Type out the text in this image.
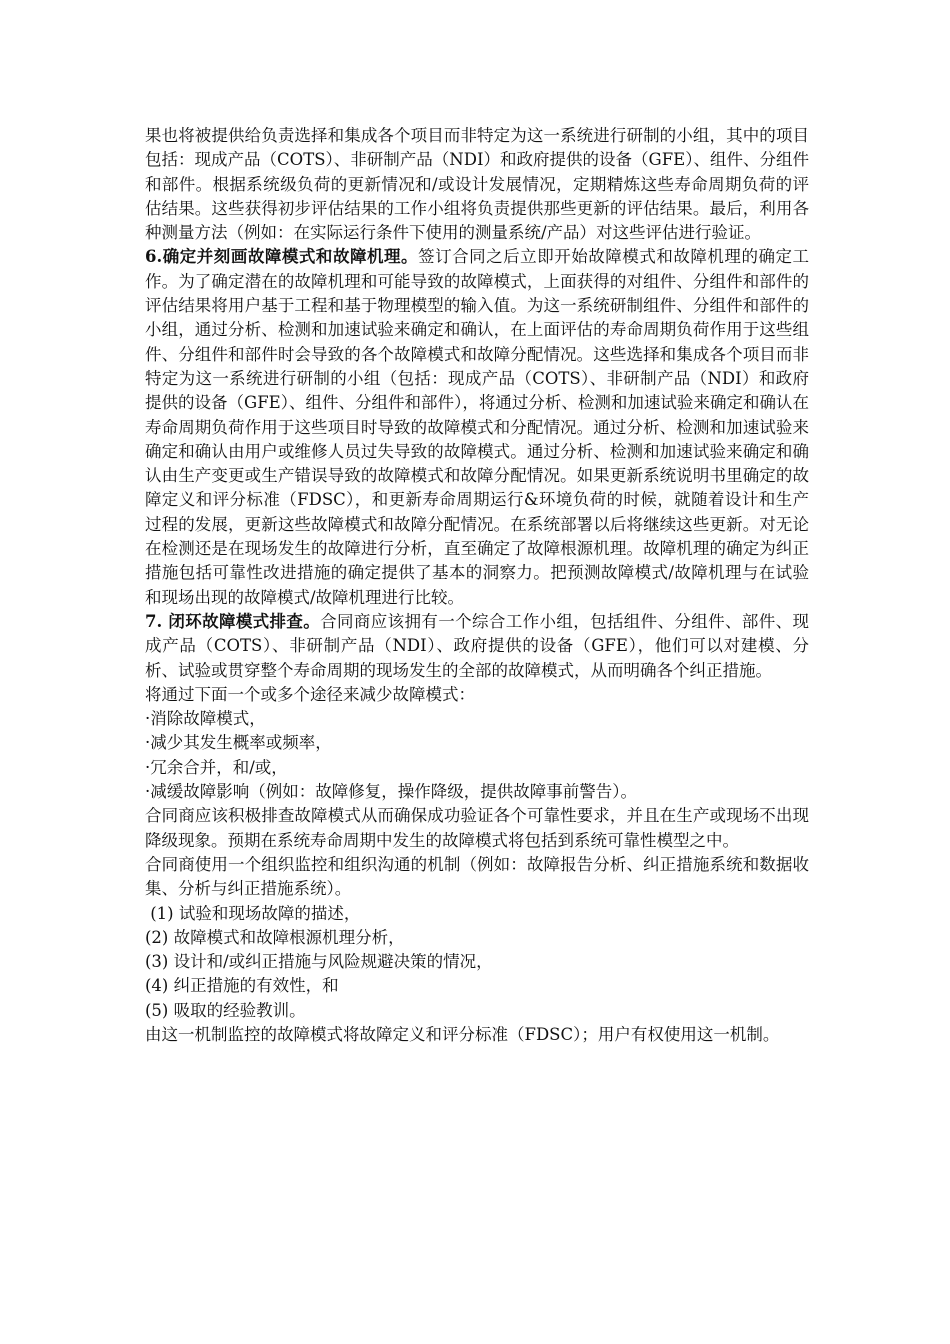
果也将被提供给负责选择和集成各个项目而非特定为这一系统进行研制的小组，其中的项目包括：现成产品（COTS）、非研制产品（NDI）和政府提供的设备（GFE）、组件、分组件和部件。根据系统级负荷的更新情况和/或设计发展情况，定期精炼这些寿命周期负荷的评估结果。这些获得初步评估结果的工作小组将负责提供那些更新的评估结果。最后，利用各种测量方法（例如：在实际运行条件下使用的测量系统/产品）对这些评估进行验证。

6.确定并刻画故障模式和故障机理。签订合同之后立即开始故障模式和故障机理的确定工作。为了确定潜在的故障机理和可能导致的故障模式，上面获得的对组件、分组件和部件的评估结果将用户基于工程和基于物理模型的输入值。为这一系统研制组件、分组件和部件的小组，通过分析、检测和加速试验来确定和确认，在上面评估的寿命周期负荷作用于这些组件、分组件和部件时会导致的各个故障模式和故障分配情况。这些选择和集成各个项目而非特定为这一系统进行研制的小组（包括：现成产品（COTS）、非研制产品（NDI）和政府提供的设备（GFE）、组件、分组件和部件），将通过分析、检测和加速试验来确定和确认在寿命周期负荷作用于这些项目时导致的故障模式和分配情况。通过分析、检测和加速试验来确定和确认由用户或维修人员过失导致的故障模式。通过分析、检测和加速试验来确定和确认由生产变更或生产错误导致的故障模式和故障分配情况。如果更新系统说明书里确定的故障定义和评分标准（FDSC），和更新寿命周期运行&环境负荷的时候，就随着设计和生产过程的发展，更新这些故障模式和故障分配情况。在系统部署以后将继续这些更新。对无论在检测还是在现场发生的故障进行分析，直至确定了故障根源机理。故障机理的确定为纠正措施包括可靠性改进措施的确定提供了基本的洞察力。把预测故障模式/故障机理与在试验和现场出现的故障模式/故障机理进行比较。

7. 闭环故障模式排查。合同商应该拥有一个综合工作小组，包括组件、分组件、部件、现成产品（COTS）、非研制产品（NDI）、政府提供的设备（GFE），他们可以对建模、分析、试验或贯穿整个寿命周期的现场发生的全部的故障模式，从而明确各个纠正措施。

将通过下面一个或多个途径来减少故障模式：

·消除故障模式，

·减少其发生概率或频率，

·冗余合并，和/或，

·减缓故障影响（例如：故障修复，操作降级，提供故障事前警告）。

合同商应该积极排查故障模式从而确保成功验证各个可靠性要求，并且在生产或现场不出现降级现象。预期在系统寿命周期中发生的故障模式将包括到系统可靠性模型之中。

合同商使用一个组织监控和组织沟通的机制（例如：故障报告分析、纠正措施系统和数据收集、分析与纠正措施系统）。

(1) 试验和现场故障的描述，

(2) 故障模式和故障根源机理分析，

(3) 设计和/或纠正措施与风险规避决策的情况，

(4) 纠正措施的有效性，和

(5) 吸取的经验教训。

由这一机制监控的故障模式将故障定义和评分标准（FDSC）；用户有权使用这一机制。
